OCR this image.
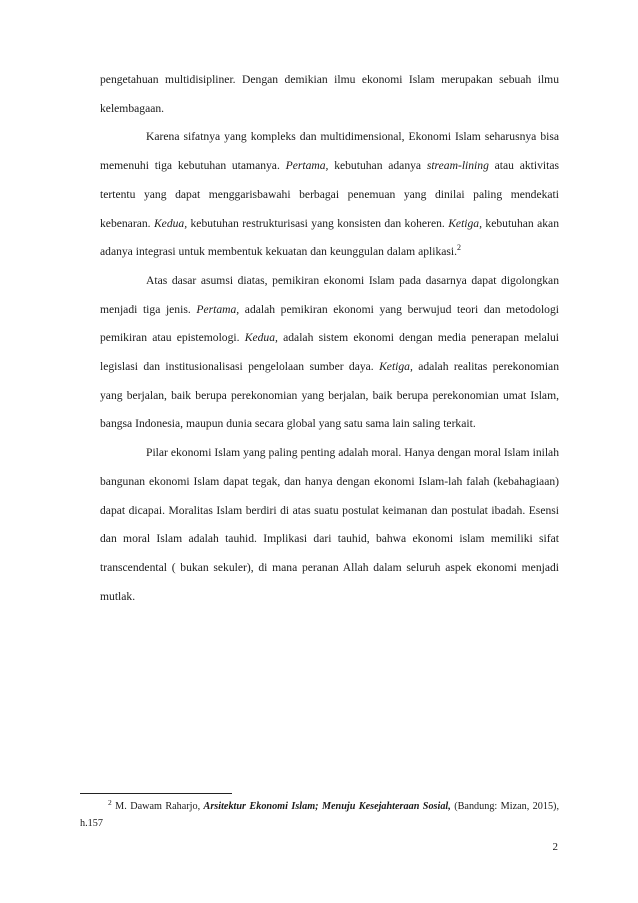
pengetahuan multidisipliner. Dengan demikian ilmu ekonomi Islam merupakan sebuah ilmu kelembagaan.

Karena sifatnya yang kompleks dan multidimensional, Ekonomi Islam seharusnya bisa memenuhi tiga kebutuhan utamanya. Pertama, kebutuhan adanya stream-lining atau aktivitas tertentu yang dapat menggarisbawahi berbagai penemuan yang dinilai paling mendekati kebenaran. Kedua, kebutuhan restrukturisasi yang konsisten dan koheren. Ketiga, kebutuhan akan adanya integrasi untuk membentuk kekuatan dan keunggulan dalam aplikasi.$^2$

Atas dasar asumsi diatas, pemikiran ekonomi Islam pada dasarnya dapat digolongkan menjadi tiga jenis. Pertama, adalah pemikiran ekonomi yang berwujud teori dan metodologi pemikiran atau epistemologi. Kedua, adalah sistem ekonomi dengan media penerapan melalui legislasi dan institusionalisasi pengelolaan sumber daya. Ketiga, adalah realitas perekonomian yang berjalan, baik berupa perekonomian yang berjalan, baik berupa perekonomian umat Islam, bangsa Indonesia, maupun dunia secara global yang satu sama lain saling terkait.

Pilar ekonomi Islam yang paling penting adalah moral. Hanya dengan moral Islam inilah bangunan ekonomi Islam dapat tegak, dan hanya dengan ekonomi Islam-lah falah (kebahagiaan) dapat dicapai. Moralitas Islam berdiri di atas suatu postulat keimanan dan postulat ibadah. Esensi dan moral Islam adalah tauhid. Implikasi dari tauhid, bahwa ekonomi islam memiliki sifat transcendental ( bukan sekuler), di mana peranan Allah dalam seluruh aspek ekonomi menjadi mutlak.

$^2$ M. Dawam Raharjo, Arsitektur Ekonomi Islam; Menuju Kesejahteraan Sosial, (Bandung: Mizan, 2015), h.157
2
